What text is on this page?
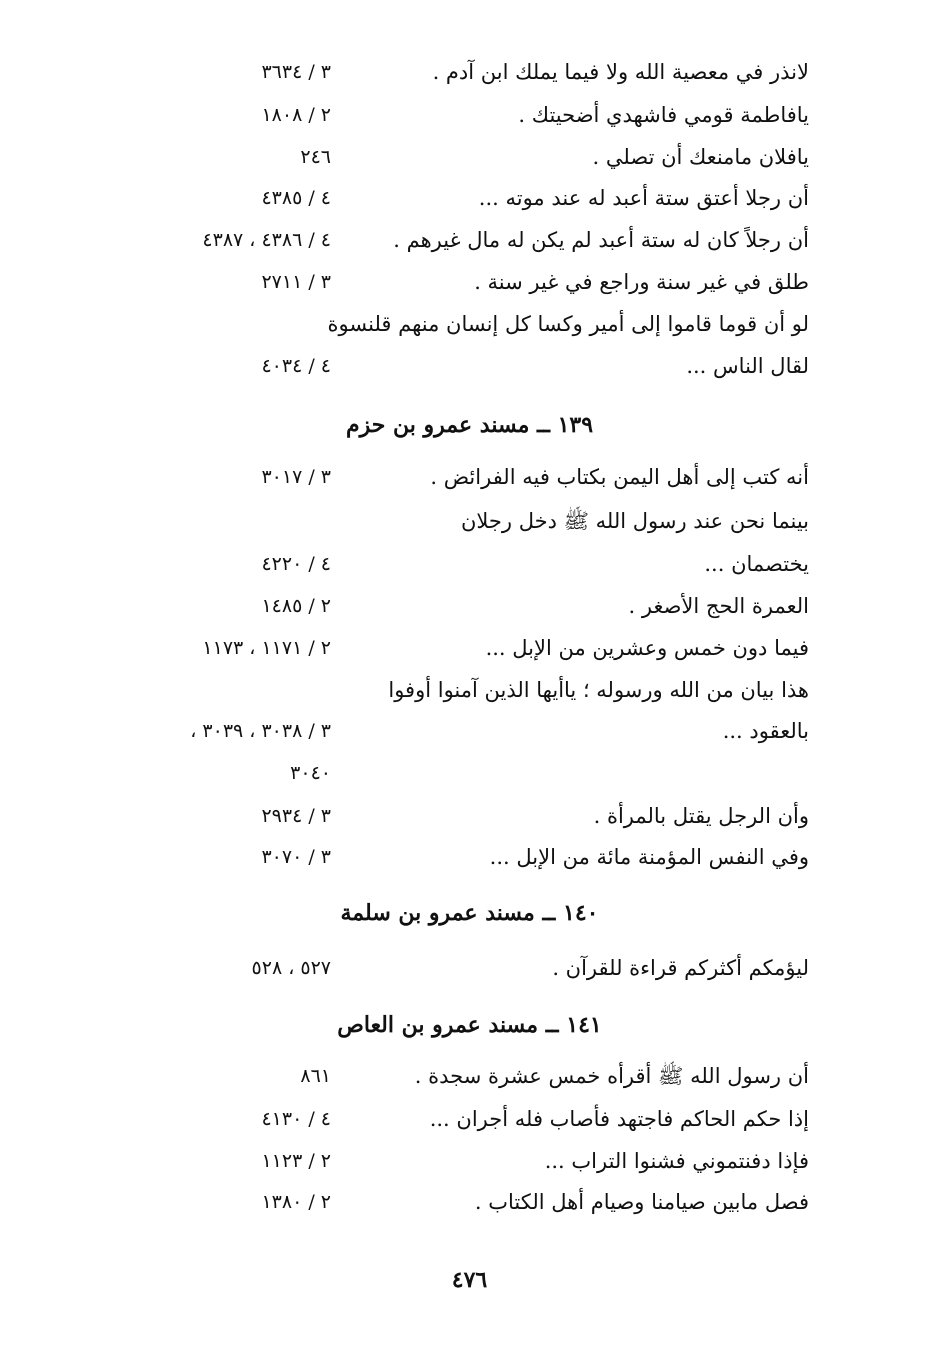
لانذر في معصية الله ولا فيما يملك ابن آدم .
٣ / ٣٦٣٤
يافاطمة قومي فاشهدي أضحيتك .
٢ / ١٨٠٨
يافلان مامنعك أن تصلي .
٢٤٦
أن رجلا أعتق ستة أعبد له عند موته ...
٤ / ٤٣٨٥
أن رجلاً كان له ستة أعبد لم يكن له مال غيرهم .
٤ / ٤٣٨٦ ، ٤٣٨٧
طلق في غير سنة وراجع في غير سنة .
٣ / ٢٧١١
لو أن قوما قاموا إلى أمير وكسا كل إنسان منهم قلنسوة
لقال الناس ...
٤ / ٤٠٣٤
١٣٩ ــ مسند عمرو بن حزم
أنه كتب إلى أهل اليمن بكتاب فيه الفرائض .
٣ / ٣٠١٧
بينما نحن عند رسول الله ﷺ دخل رجلان
يختصمان ...
٤ / ٤٢٢٠
العمرة الحج الأصغر .
٢ / ١٤٨٥
فيما دون خمس وعشرين من الإبل ...
٢ / ١١٧١ ، ١١٧٣
هذا بيان من الله ورسوله ؛ ياأيها الذين آمنوا أوفوا
بالعقود ...
٣ / ٣٠٣٨ ، ٣٠٣٩ ،
٣٠٤٠
وأن الرجل يقتل بالمرأة .
٣ / ٢٩٣٤
وفي النفس المؤمنة مائة من الإبل ...
٣ / ٣٠٧٠
١٤٠ ــ مسند عمرو بن سلمة
ليؤمكم أكثركم قراءة للقرآن .
٥٢٧ ، ٥٢٨
١٤١ ــ مسند عمرو بن العاص
أن رسول الله ﷺ أقرأه خمس عشرة سجدة .
٨٦١
إذا حكم الحاكم فاجتهد فأصاب فله أجران ...
٤ / ٤١٣٠
فإذا دفنتموني فشنوا التراب ...
٢ / ١١٢٣
فصل مابين صيامنا وصيام أهل الكتاب .
٢ / ١٣٨٠
٤٧٦
